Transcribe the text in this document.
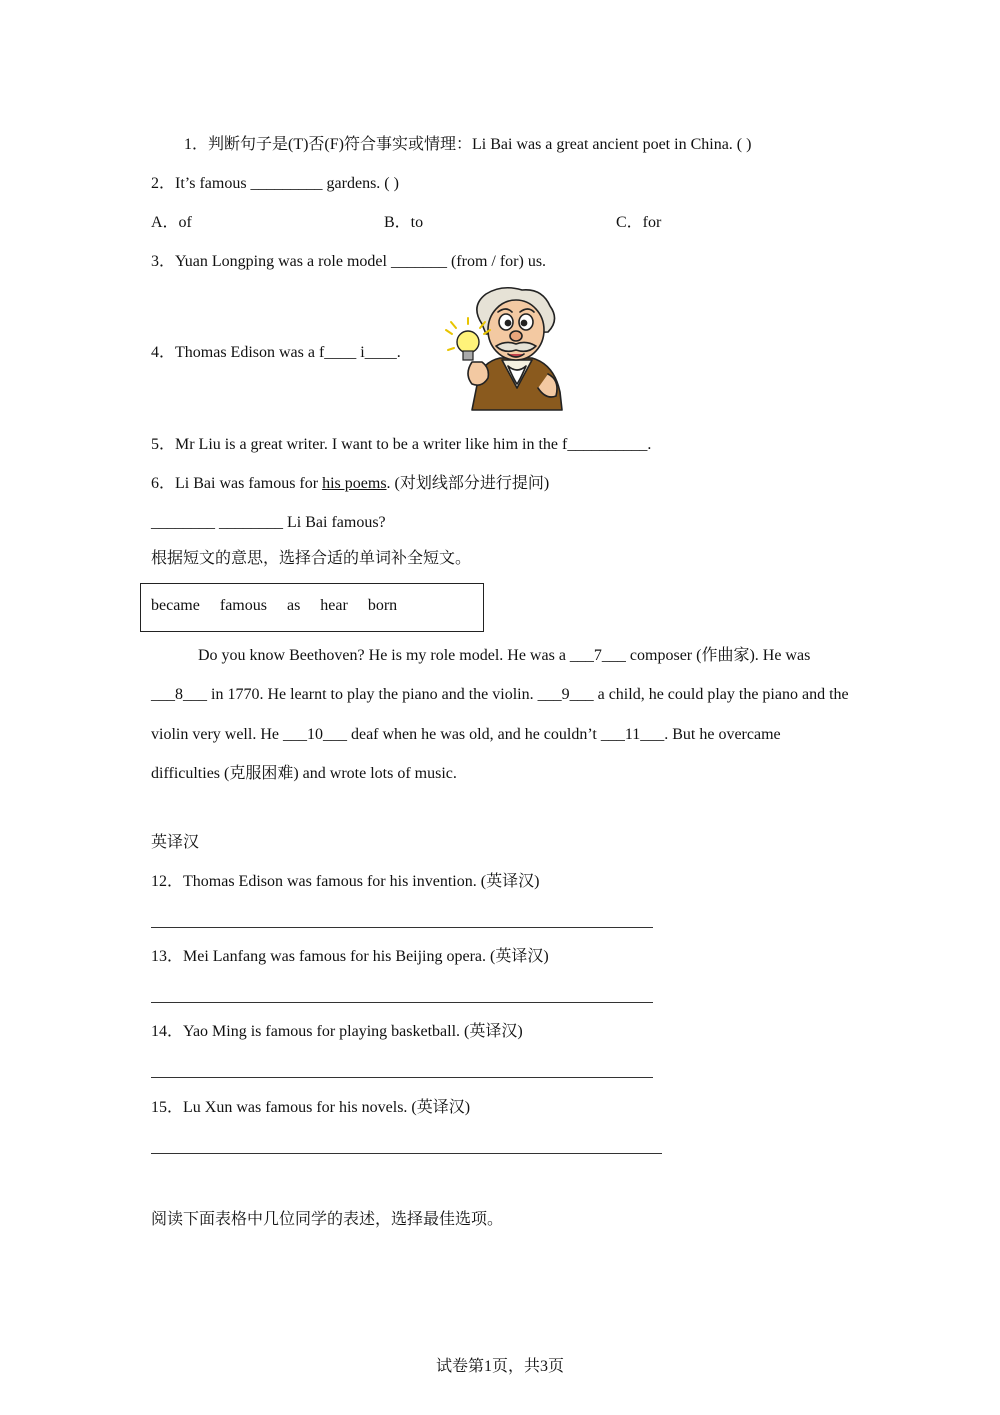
1．判断句子是(T)否(F)符合事实或情理：Li Bai was a great ancient poet in China. ( )
2．It’s famous _________ gardens. ( )
A．of	B．to	C．for
3．Yuan Longping was a role model _______ (from / for) us.
4．Thomas Edison was a f____ i____.
5．Mr Liu is a great writer. I want to be a writer like him in the f__________.
6．Li Bai was famous for his poems. (对划线部分进行提问)
________ ________ Li Bai famous?
根据短文的意思，选择合适的单词补全短文。
became famous as hear born

Do you know Beethoven? He is my role model. He was a ___7___ composer (作曲家). He was ___8___ in 1770. He learnt to play the piano and the violin. ___9___ a child, he could play the piano and the violin very well. He ___10___ deaf when he was old, and he couldn’t ___11___. But he overcame difficulties (克服困难) and wrote lots of music.

英译汉
12．Thomas Edison was famous for his invention. (英译汉)
13．Mei Lanfang was famous for his Beijing opera. (英译汉)
14．Yao Ming is famous for playing basketball. (英译汉)
15．Lu Xun was famous for his novels. (英译汉)
阅读下面表格中几位同学的表述，选择最佳选项。
试卷第1页，共3页
